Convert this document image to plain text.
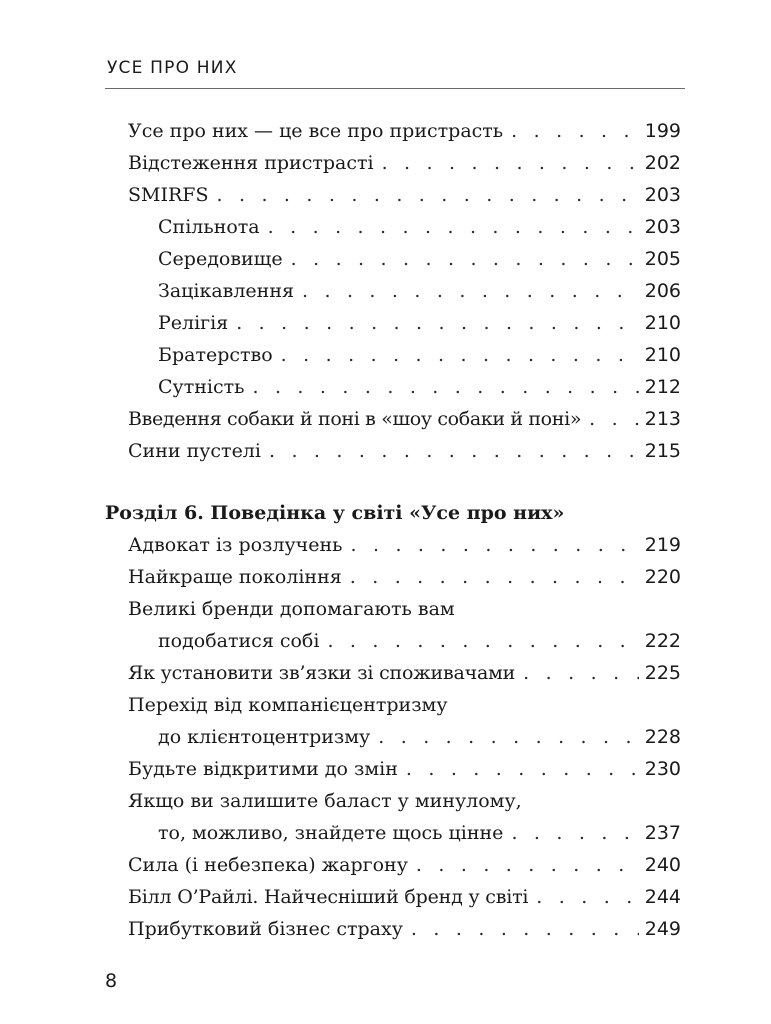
УСЕ ПРО НИХ
Усе про них — це все про пристрасть . . .	199
Відстеження пристрасті . . .	202
SMIRFS . . .	203
Спільнота . . .	203
Середовище . . .	205
Зацікавлення . . .	206
Релігія . . .	210
Братерство . . .	210
Сутність . . .	212
Введення собаки й поні в «шоу собаки й поні» . . .	213
Сини пустелі . . .	215
Розділ 6. Поведінка у світі «Усе про них»
Адвокат із розлучень . . .	219
Найкраще покоління . . .	220
Великі бренди допомагають вам
подобатися собі . . .	222
Як установити зв’язки зі споживачами . . .	225
Перехід від компанієцентризму
до клієнтоцентризму . . .	228
Будьте відкритими до змін . . .	230
Якщо ви залишите баласт у минулому,
то, можливо, знайдете щось цінне . . .	237
Сила (і небезпека) жаргону . . .	240
Білл О’Райлі. Найчесніший бренд у світі . . .	244
Прибутковий бізнес страху . . .	249
8
